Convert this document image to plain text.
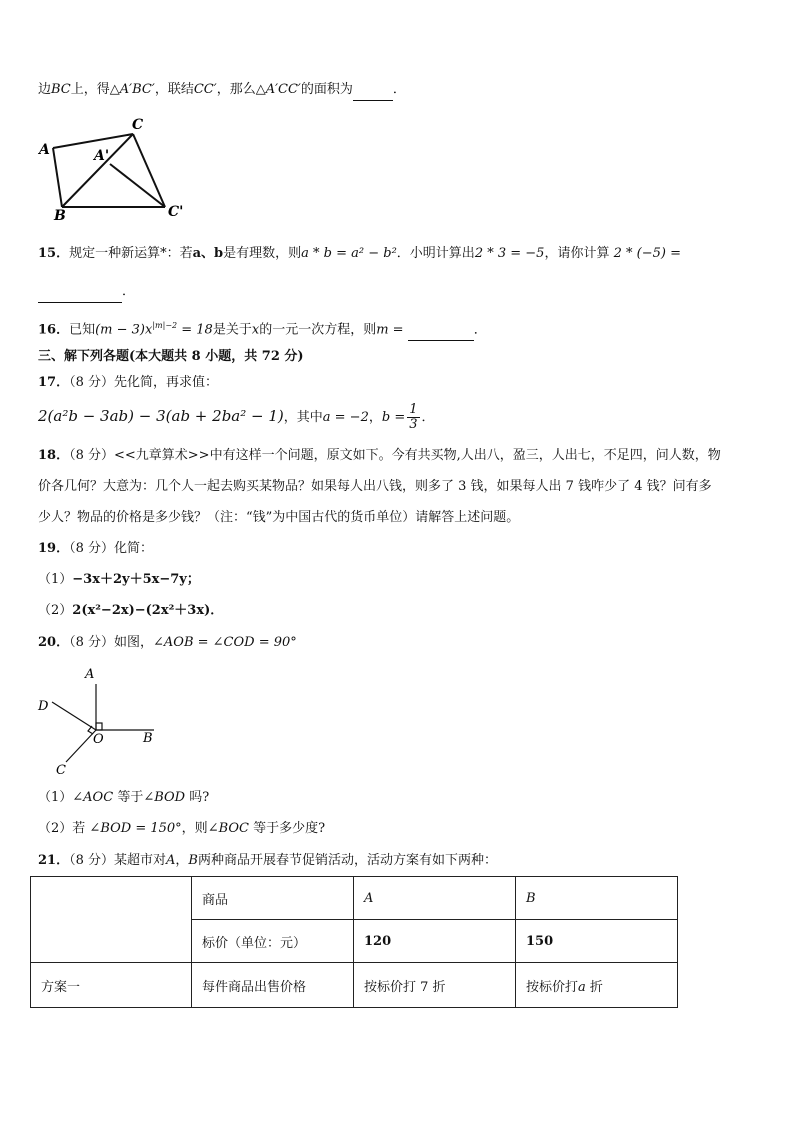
边BC上，得△A′BC′，联结CC′，那么△A′CC′的面积为	．
A
C
A'
B	C'
15．规定一种新运算*：若a、b是有理数，则a * b = a² − b²．小明计算出2 * 3 = −5，请你计算 2 * (−5) =
．
16．已知$(m - 3)x^{|m|-2} = 18$是关于x的一元一次方程，则m =	．
三、解下列各题(本大题共 8 小题，共 72 分)
17．（8 分）先化简，再求值：
2(a²b − 3ab) − 3(ab + 2ba² − 1)，其中a = −2，$b = \frac{1}{3}$ ．
18．（8 分）<<九章算术>>中有这样一个问题，原文如下。今有共买物,人出八，盈三，人出七，不足四，问人数，物
价各几何？大意为：几个人一起去购买某物品？如果每人出八钱，则多了 3 钱，如果每人出 7 钱咋少了 4 钱？问有多
少人？物品的价格是多少钱？（注：“钱”为中国古代的货币单位）请解答上述问题。
19．（8 分）化简：
（1）−3x＋2y＋5x−7y；
（2）2(x²−2x)−(2x²＋3x)．
20．（8 分）如图，∠AOB = ∠COD = 90°
A
D
O	B
C
（1）∠AOC 等于∠BOD 吗?
（2）若 ∠BOD = 150°，则∠BOC 等于多少度?
21．（8 分）某超市对A，B两种商品开展春节促销活动，活动方案有如下两种：
	商品	A	B
	标价（单位：元）	120	150
方案一	每件商品出售价格	按标价打 7 折	按标价打a 折
